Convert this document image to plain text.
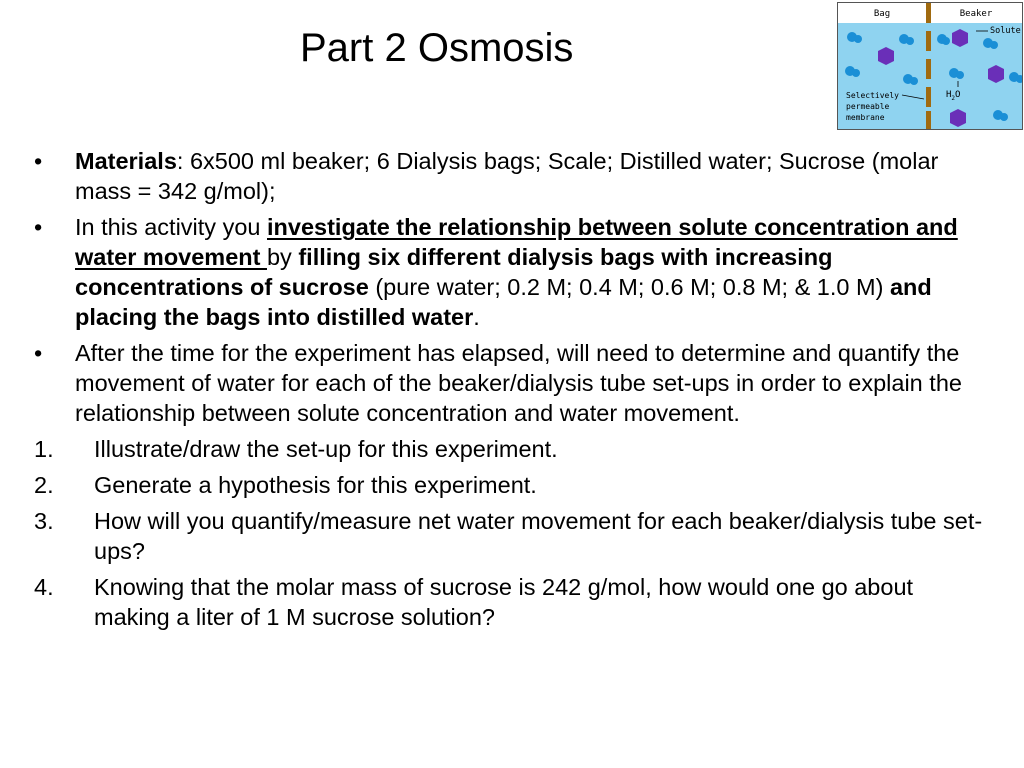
Part 2 Osmosis
Bag	Beaker
Solute
$H_2O$
Selectively
permeable
membrane
• Materials: 6x500 ml beaker; 6 Dialysis bags; Scale; Distilled water; Sucrose (molar mass = 342 g/mol);
• In this activity you investigate the relationship between solute concentration and water movement by filling six different dialysis bags with increasing concentrations of sucrose (pure water; 0.2 M; 0.4 M; 0.6 M; 0.8 M; & 1.0 M) and placing the bags into distilled water.
• After the time for the experiment has elapsed, will need to determine and quantify the movement of water for each of the beaker/dialysis tube set-ups in order to explain the relationship between solute concentration and water movement.
1. Illustrate/draw the set-up for this experiment.
2. Generate a hypothesis for this experiment.
3. How will you quantify/measure net water movement for each beaker/dialysis tube set-ups?
4. Knowing that the molar mass of sucrose is 242 g/mol, how would one go about making a liter of 1 M sucrose solution?
